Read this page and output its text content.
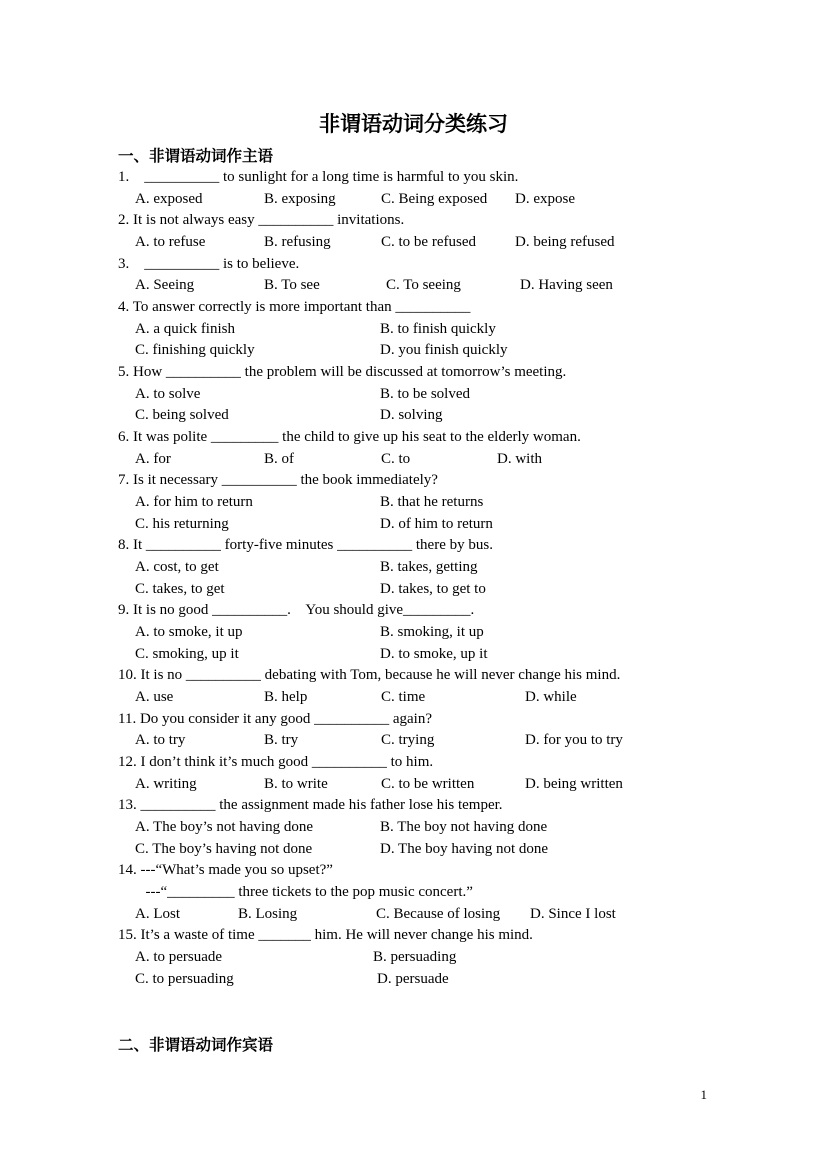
非谓语动词分类练习
一、非谓语动词作主语
1.    __________ to sunlight for a long time is harmful to you skin.
A. exposed	B. exposing	C. Being exposed D. expose
2. It is not always easy __________ invitations.
A. to refuse	B. refusing	C. to be refused	D. being refused
3.    __________ is to believe.
A. Seeing	B. To see	C. To seeing	D. Having seen
4. To answer correctly is more important than __________
A. a quick finish	B. to finish quickly
C. finishing quickly	D. you finish quickly
5. How __________ the problem will be discussed at tomorrow’s meeting.
A. to solve	B. to be solved
C. being solved	D. solving
6. It was polite _________ the child to give up his seat to the elderly woman.
A. for	B. of	C. to	D. with
7. Is it necessary __________ the book immediately?
A. for him to return	B. that he returns
C. his returning	D. of him to return
8. It __________ forty-five minutes __________ there by bus.
A. cost, to get	B. takes, getting
C. takes, to get	D. takes, to get to
9. It is no good __________.    You should give_________.
A. to smoke, it up	B. smoking, it up
C. smoking, up it	D. to smoke, up it
10. It is no __________ debating with Tom, because he will never change his mind.
A. use	B. help	C. time	D. while
11. Do you consider it any good __________ again?
A. to try	B. try	C. trying	D. for you to try
12. I don’t think it’s much good __________ to him.
A. writing	B. to write	C. to be written	D. being written
13. __________ the assignment made his father lose his temper.
A. The boy’s not having done	B. The boy not having done
C. The boy’s having not done	D. The boy having not done
14. ---“What’s made you so upset?”
---“_________ three tickets to the pop music concert.”
A. Lost	B. Losing	C. Because of losing D. Since I lost
15. It’s a waste of time _______ him. He will never change his mind.
A. to persuade	B. persuading
C. to persuading	D. persuade
二、非谓语动词作宾语
1
